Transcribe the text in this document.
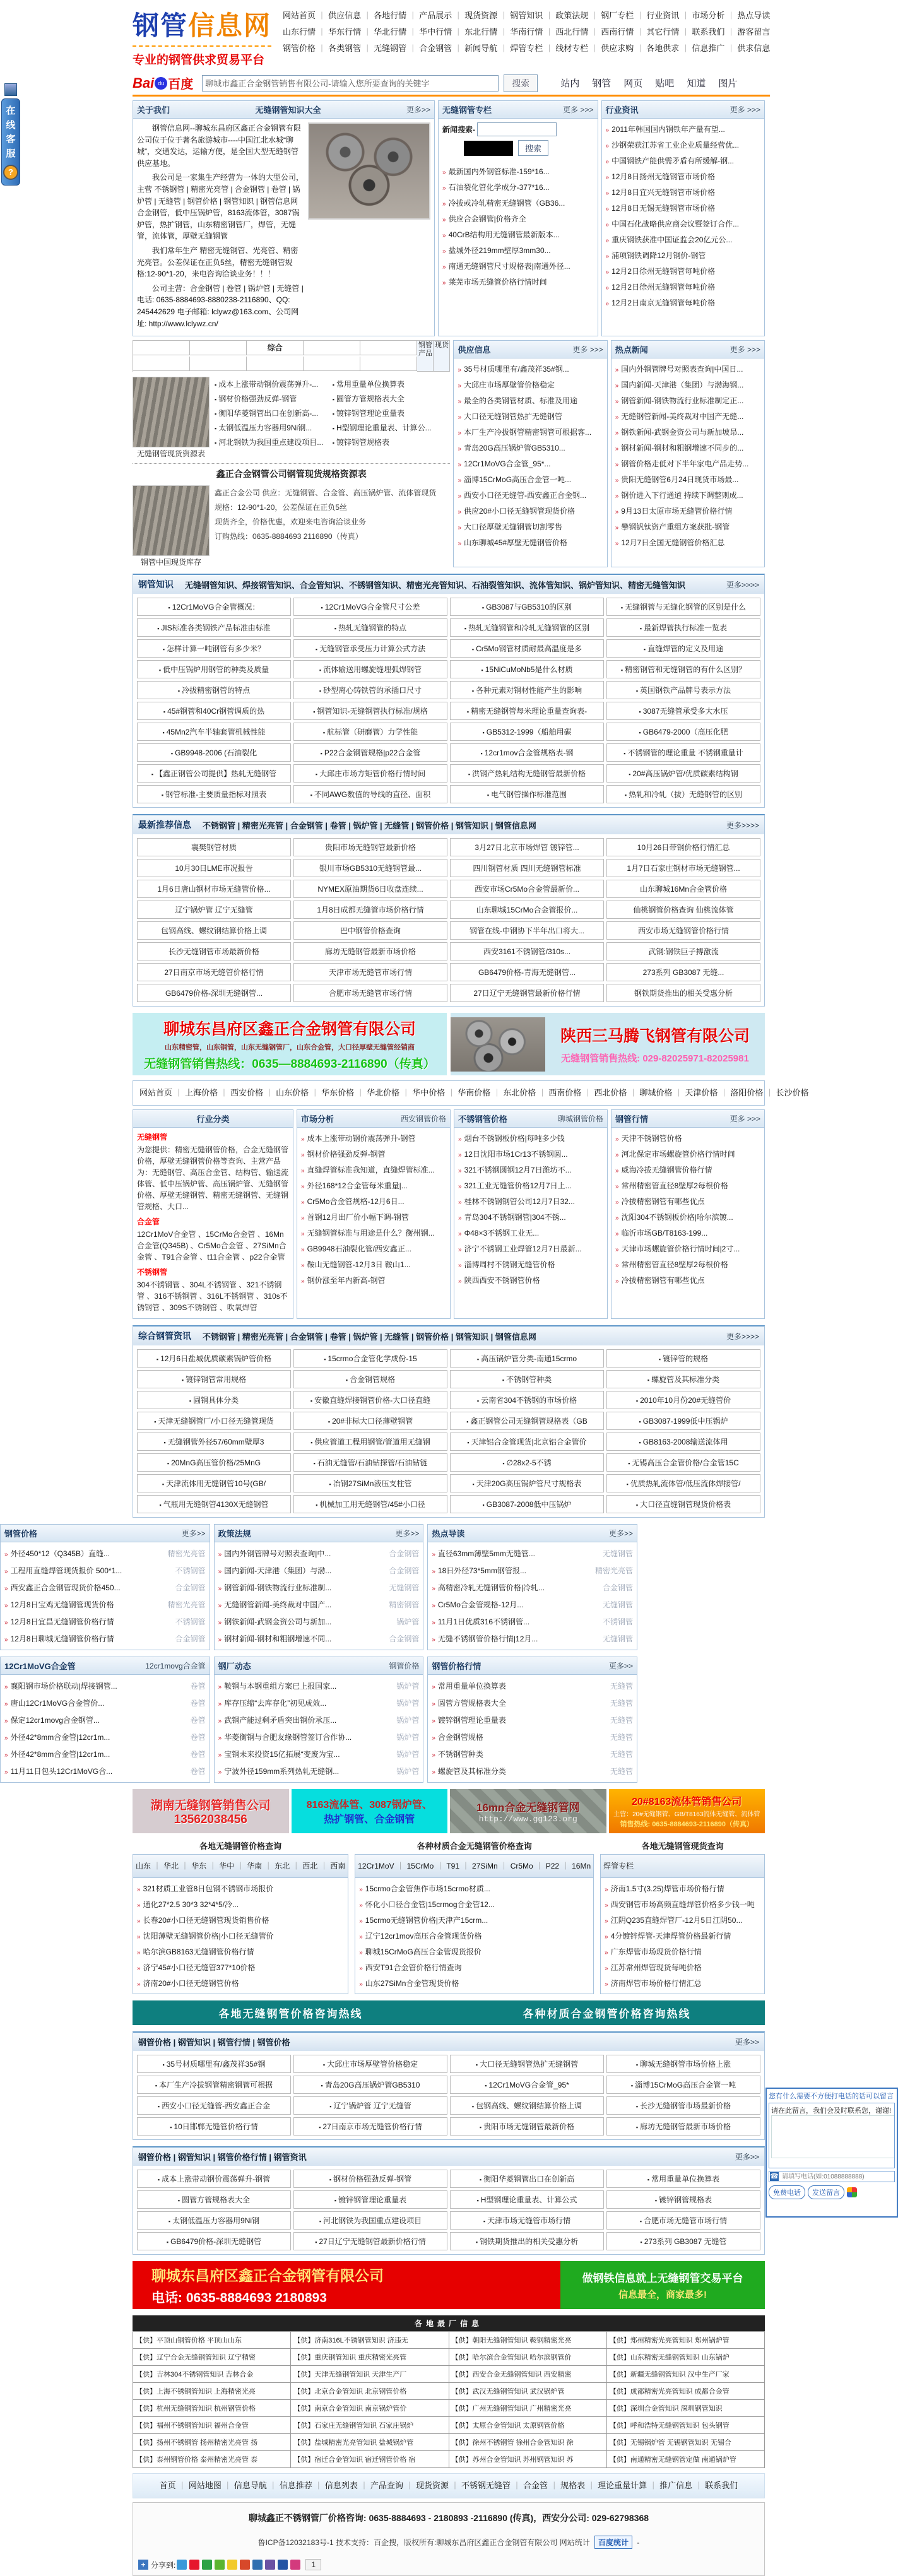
在线客服
?
您有什么需要不方便打电话的话可以留言
请在此留言，我们会及时联系您，谢谢!
☎
请填写电话(如:01088888888)
免费电话	发送留言
钢管信息网
专业的钢管供求贸易平台
网站首页 ｜ 供应信息 ｜ 各地行情 ｜ 产品展示 ｜ 现货资源 ｜ 钢管知识 ｜ 政策法规 ｜ 钢厂专栏 ｜ 行业资讯 ｜ 市场分析 ｜ 热点导读
山东行情 ｜ 华东行情 ｜ 华北行情 ｜ 华中行情 ｜ 东北行情 ｜ 华南行情 ｜ 西北行情 ｜ 西南行情 ｜ 其它行情 ｜ 联系我们 ｜ 游客留言
钢管价格 ｜ 各类钢管 ｜ 无缝钢管 ｜ 合金钢管 ｜ 新闻导航 ｜ 焊管专栏 ｜ 线材专栏 ｜ 供应求购 ｜ 各地供求 ｜ 信息推广 ｜ 供求信息
Bai du 百度
聊城市鑫正合金钢管销售有限公司-请输入您所要查询的关键字	搜索	站内	钢管	网页	贴吧	知道	图片
关于我们	无缝钢管知识大全	更多>>

钢管信息网--聊城东昌府区鑫正合金钢管有限公司位于位于著名旅游城市----中国江北水城“聊城”，交通发达，运输方便，是全国大型无缝钢管供应基地。

我公司是一家集生产经营为一体的大型公司，主营 不锈钢管 | 精密光亮管 | 合金钢管 | 卷管 | 锅炉管 | 无缝管 | 钢管价格 | 钢管知识 | 钢管信息网合金钢管，低中压锅炉管，8163流体管，3087锅炉管，热扩钢管，山东精密钢管厂，焊管，无缝管，流体管，厚壁无缝钢管

我们常年生产 精密无缝钢管、光亮管、精密光亮管。公差保证在正负5丝，精密无缝钢管规格:12-90*1-20，来电咨询洽谈业务！！！

公司主营：合金钢管 | 卷管 | 锅炉管 | 无缝管 | 电话: 0635-8884693-8880238-2116890、QQ: 245442629 电子邮箱: lclywz@163.com、公司网址: http://www.lclywz.cn/

无缝钢管专栏	更多 >>>
新闻搜索-
搜索
» 最新国内外钢管标准-159*16...
» 石油裂化管化学成分-377*16...
» 冷拔或冷轧精密无缝钢管（GB36...
» 供应合金钢管|价格齐全
» 40CrB结构用无缝钢管最新版本...
» 盐城外径219mm壁厚3mm30...
» 南通无缝钢管尺寸规格表|南通外径...
» 莱芜市场无缝管价格行情时间
行业资讯	更多 >>>
» 2011年韩国国内钢铁年产量有望...
» 沙钢荣获江苏省工业企业质量经营优...
» 中国钢铁产能供需矛盾有所缓解-钢...
» 12月8日扬州无缝钢管市场价格
» 12月8日宜兴无缝钢管市场价格
» 12月8日无锡无缝钢管市场价格
» 中国石化战略供应商会议暨签订合作...
» 重庆钢铁获准中国证监会20亿元公...
» 浦项钢铁调降12月钢价-钢管
» 12月2日徐州无缝钢管每吨价格
» 12月2日徐州无缝钢管每吨价格
» 12月2日南京无缝钢管每吨价格
综合	钢管产品
现货
无缝钢管现货资源表
▪ 成本上涨带动钢价震荡弹升-...
▪ 钢材价格强劲反弹-钢管
▪ 衡阳华菱钢管出口在创新高-...
▪ 太钢低温压力容器用9Ni钢...
▪ 河北钢铁为我国重点建设项目...
▪ 常用重量单位换算表
▪ 圆管方管规格表大全
▪ 镀锌钢管理论重量表
▪ H型钢理论重量表、计算公...
▪ 镀锌钢管规格表
鑫正合金钢管公司钢管现货规格资源表
钢管中国现货库存
鑫正合金公司 供应：无缝钢管、合金管、高压锅炉管、流体管现货
规格：12-90*1-20，公差保证在正负5丝
现货齐全，价格优惠，欢迎来电咨询洽谈业务
订购热线：0635-8884693 2116890（传真）
供应信息	更多 >>>
» 35号材质哪里有/鑫茂祥35#钢...
» 大邱庄市场厚壁管价格稳定
» 最全的各类钢管材质、标准及用途
» 大口径无缝钢管热扩无缝钢管
» 本厂生产冷拔钢管精密钢管可根据客...
» 青岛20G高压锅炉管GB5310...
» 12Cr1MoVG合金管_95*...
» 淄博15CrMoG高压合金管一吨...
» 西安小口径无缝管-西安鑫正合金钢...
» 供应20#小口径无缝钢管现货价格
» 大口径厚壁无缝钢管切割零售
» 山东聊城45#厚壁无缝钢管价格
热点新闻	更多 >>>
» 国内外钢管牌号对照表查询|中国日...
» 国内新闻-天津港（集团）与渤海钢...
» 钢管新闻-钢铁物流行业标准制定正...
» 无缝钢管新闻-美终裁对中国产无缝...
» 钢铁新闻-武钢金资公司与新加坡昂...
» 钢材新闻-钢材和粗钢增速不同步的...
» 钢管价格走低对下半年家电产品走势...
» 贵阳无缝钢管6月24日现货市场最...
» 钢价进入下行通道 持续下调整则成...
» 9月13日太原市场无缝管价格行情
» 攀钢钒钛资产重组方案获批-钢管
» 12月7日全国无缝钢管价格汇总
钢管知识 无缝钢管知识、焊接钢管知识、合金管知识、不锈钢管知识、精密光亮管知识、石油裂管知识、流体管知识、锅炉管知识、精密无缝管知识	更多>>>>
▪ 12Cr1MoVG合金管概况：	▪ 12Cr1MoVG合金管尺寸公差	▪ GB3087与GB5310的区别	▪ 无缝钢管与无缝化钢管的区别是什么
▪ JIS标准各类钢铁产品标准由标准	▪ 热轧无缝钢管的特点	▪ 热轧无缝钢管和冷轧无缝钢管的区别	▪ 最新焊管执行标准一览表
▪ 怎样计算一吨钢管有多少米？	▪ 无缝钢管承受压力计算公式方法	▪ Cr5Mo钢管材质耐最高温度是多	▪ 直缝焊管的定义及用途
▪ 低中压锅炉用钢管的种类及质量	▪ 流体输送用螺旋缝埋弧焊钢管	▪ 15NiCuMoNb5是什么材质	▪ 精密钢管和无缝钢管的有什么区别？
▪ 冷拔精密钢管的特点	▪ 砂型离心铸铁管的承插口尺寸	▪ 各种元素对钢材性能产生的影响	▪ 英国钢铁产品牌号表示方法
▪ 45#钢管和40Cr钢管调质的热	▪ 钢管知识-无缝钢管执行标准/规格	▪ 精密无缝钢管每米理论重量查询表-	▪ 3087无缝管承受多大水压
▪ 45Mn2汽车半轴套管机械性能	▪ 航标管（研磨管）力学性能	▪ GB5312-1999（船舶用碳	▪ GB6479-2000（高压化肥
▪ GB9948-2006 (石油裂化	▪ P22合金钢管规格|p22合金管	▪ 12cr1mov合金管规格表-钢	▪ 不锈钢管的理论重量 不锈钢重量计
▪ 【鑫正钢管公司提供】热轧无缝钢管	▪ 大邱庄市场方矩管价格行情时间	▪ 洪钢产热轧结构无缝钢管最新价格	▪ 20#高压锅炉管/优质碳素结构钢
▪ 钢管标准-主要质量指标对照表	▪ 不同AWG数值的导线的直径、面积	▪ 电气钢管操作标准范围	▪ 热轧和冷轧（拔）无缝钢管的区别
最新推荐信息 不锈钢管 | 精密光亮管 | 合金钢管 | 卷管 | 锅炉管 | 无缝管 | 钢管价格 | 钢管知识 | 钢管信息网	更多>>>>
襄樊钢管材质	贵阳市场无缝钢管最新价格	3月27日北京市场焊管 镀锌管...	10月26日带钢价格行情汇总
10月30日LME市况报告	银川市场GB5310无缝钢管最...	四川钢管材质 四川无缝钢管标准	1月7日石家庄钢材市场无缝钢管...
1月6日唐山钢材市场无缝管价格...	NYMEX原油期货6日收盘连续...	西安市场Cr5Mo合金管最新价...	山东聊城16Mn合金管价格
辽宁锅炉管 辽宁无缝管	1月8日成都无缝管市场价格行情	山东聊城15CrMo合金管报价...	仙桃钢管价格查询 仙桃流体管
包钢高线、螺纹钢结算价格上调	巴中钢管价格查询	钢管在线-中钢协下半年出口将大...	西安市场无缝钢管价格行情
长沙无缝钢管市场最新价格	廊坊无缝钢管最新市场价格	西安3161不锈钢管/310s...	武钢:钢铁巨子搏激流
27日南京市场无缝管价格行情	天津市场无缝管市场行情	GB6479价格-青海无缝钢管...	273系列 GB3087 无缝...
GB6479价格-深圳无缝钢管...	合肥市场无缝管市场行情	27日辽宁无缝钢管最新价格行情	钢铁期货推出的相关受惠分析
聊城东昌府区鑫正合金钢管有限公司
山东精密管，山东钢管，山东无缝钢管厂，山东合金管，大口径厚壁无缝管经销商
无缝钢管销售热线：0635—8884693-2116890（传真）
陕西三马腾飞钢管有限公司
无缝钢管销售热线: 029-82025971-82025981
网站首页 ｜ 上海价格 ｜ 西安价格 ｜ 山东价格 ｜ 华东价格 ｜ 华北价格 ｜ 华中价格 ｜ 华南价格 ｜ 东北价格 ｜ 西南价格 ｜ 西北价格 ｜ 聊城价格 ｜ 天津价格 ｜ 洛阳价格 ｜ 长沙价格
行业分类
无缝钢管
为您提供：精密无缝钢管价格，合金无缝钢管价格，厚壁无缝钢管价格等查询、主营产品为：无缝钢管、高压合金管、结构管、输送流体管、低中压锅炉管、高压锅炉管、无缝钢管价格、厚壁无缝钢管、精密无缝钢管、无缝钢管规格、大口...
合金管
12Cr1MoV合金管 、15CrMo合金管 、16Mn合金管(Q345B) 、Cr5Mo合金管 、27SiMn合金管 、T91合金管 、t11合金管 、p22合金管
不锈钢管
304不锈钢管 、304L不锈钢管 、321不锈钢管 、316不锈钢管 、316L不锈钢管 、310s不锈钢管 、309S不锈钢管 、吹氧焊管
市场分析	西安钢管价格
» 成本上涨带动钢价震荡弹升-钢管
» 钢材价格强劲反弹-钢管
» 直缝焊管标准我知道，直缝焊管标准...
» 外径168*12合金管每米重量|...
» Cr5Mo合金管规格-12月6日...
» 首钢12月出厂价小幅下调-钢管
» 无缝钢管标准与用途是什么？衡州钢...
» GB9948石油裂化管/西安鑫正...
» 鞍山无缝钢管-12月3日 鞍山1...
» 钢价涨至年内新高-钢管
不锈钢管价格	聊城钢管价格
» 烟台不锈钢板价格|每吨多少钱
» 12日沈阳市场1Cr13不锈钢圆...
» 321不锈钢圆钢12月7日潍坊不...
» 321工业无缝管价格12月7日上...
» 桂林不锈钢钢管公司12月7日32...
» 青岛304不锈钢钢管|304不锈...
» Φ48×3不锈钢工业无...
» 济宁不锈钢工业焊管12月7日最新...
» 淄博周村不锈钢无缝管价格
» 陕西西安不锈钢管价格
钢管行情	更多 >>>
» 天津不锈钢管价格
» 河北保定市场螺旋管价格行情时间
» 威海冷拔无缝钢管价格行情
» 常州精密管直径8壁厚2每根价格
» 冷拔精密钢管有哪些优点
» 沈阳304不锈钢板价格|哈尔滨镀...
» 临沂市场GB/T8163-199...
» 天津市场螺旋管价格行情时间|2寸...
» 常州精密管直径8壁厚2每根价格
» 冷拔精密钢管有哪些优点
综合钢管资讯 不锈钢管 | 精密光亮管 | 合金钢管 | 卷管 | 锅炉管 | 无缝管 | 钢管价格 | 钢管知识 | 钢管信息网	更多>>>>
▪ 12月6日盐城优质碳素锅炉管价格	▪ 15crmo合金管化学成份-15	▪ 高压锅炉管分类-南通15crmo	▪ 镀锌管的规格
▪ 镀锌钢管常用规格	▪ 合金钢管规格	▪ 不锈钢管种类	▪ 螺旋管及其标准分类
▪ 圆钢具体分类	▪ 安徽直缝焊接钢管价格-大口径直缝	▪ 云南省304不锈钢的市场价格	▪ 2010年10月份20#无缝管价
▪ 天津无缝钢管厂/小口径无缝管现货	▪ 20#非标大口径薄壁钢管	▪ 鑫正钢管公司无缝钢管规格表（GB	▪ GB3087-1999低中压锅炉
▪ 无缝钢管外径57/60mm壁厚3	▪ 供应管道工程用钢管/管道用无缝钢	▪ 天津铝合金管现货|北京铝合金管价	▪ GB8163-2008输送流体用
▪ 20MnG高压管价格/25MnG	▪ 石油无缝管/石油钻探管/石油钻链	▪ ∅28x2-5不锈	▪ 无锡高压合金管价格/合金管15C
▪ 天津流体用无缝钢管10号(GB/	▪ 冶钢27SiMn液压支柱管	▪ 天津20G高压锅炉管尺寸规格表	▪ 优质热轧流体管/低压流体焊接管/
▪ 气瓶用无缝钢管4130X无缝钢管	▪ 机械加工用无缝钢管/45#小口径	▪ GB3087-2008低中压锅炉	▪ 大口径直缝钢管现货价格表
钢管价格	更多>>
» 外径450*12（Q345B）直缝...	精密光亮管
» 工程用直缝焊管现货报价 500*1...	不锈钢管
» 西安鑫正合金钢管现货价格450...	合金钢管
» 12月8日宝鸡无缝钢管现货价格	精密光亮管
» 12月8日宜昌无缝钢管价格行情	不锈钢管
» 12月8日聊城无缝钢管价格行情	合金钢管
政策法规	更多>>
» 国内外钢管牌号对照表查询|中...	合金钢管
» 国内新闻-天津港（集团）与渤...	合金钢管
» 钢管新闻-钢铁物流行业标准制...	无缝钢管
» 无缝钢管新闻-美终裁对中国产...	精密钢管
» 钢铁新闻-武钢金资公司与新加...	锅炉管
» 钢材新闻-钢材和粗钢增速不同...	合金钢管
热点导读	更多>>
» 直径63mm薄壁5mm无缝管...	无缝钢管
» 18日外径73*5mm钢管报...	精密光亮管
» 高精密冷轧无缝钢管价格|冷轧...	合金钢管
» Cr5Mo合金管规格-12月...	无缝钢管
» 11月1日优质316不锈钢管...	不锈钢管
» 无缝不锈钢管价格行情|12月...	无缝钢管
12Cr1MoVG合金管	12cr1movg合金管
» 襄阳钢市场价格联动|焊接钢管...	卷管
» 唐山12Cr1MoVG合金管价...	卷管
» 保定12cr1movg合金钢管...	卷管
» 外径42*8mm合金管|12cr1m...	卷管
» 外径42*8mm合金管|12cr1m...	卷管
» 11月11日包头12Cr1MoVG合...	卷管
钢厂动态	钢管价格
» 鞍钢与本钢重组方案已上报国家...	锅炉管
» 库存压缩“去库存化”初见成效...	锅炉管
» 武钢产能过剩矛盾突出钢价承压...	锅炉管
» 华菱衡钢与合肥友缘钢管签订合作协...	锅炉管
» 宝钢未来投资15亿拓展“变废为宝...	锅炉管
» 宁波外径159mm系列热轧无缝钢...	锅炉管
钢管价格行情	更多>>
» 常用重量单位换算表	无缝管
» 圆管方管规格表大全	无缝管
» 镀锌钢管理论重量表	无缝管
» 合金钢管规格	无缝管
» 不锈钢管种类	无缝管
» 螺旋管及其标准分类	无缝管
湖南无缝钢管销售公司
13562038456
8163流体管、3087锅炉管、
热扩钢管、合金钢管
16mn合金无缝钢管网
http://www.gg123.org
20#8163流体管销售公司
主营：20#无缝钢管、GB/T8163流体无缝管、流体管
销售热线: 0635-8884693-2116890（传真）
各地无缝钢管价格查询
山东 ｜ 华北 ｜ 华东 ｜ 华中 ｜ 华南 ｜ 东北 ｜ 西北 ｜ 西南
» 321材质工业管8日包钢不锈钢市场报价
» 通化27*2.5 30*3 32*4*5/冷...
» 长春20#小口径无缝钢管现货销售价格
» 沈阳薄壁无缝钢管价格|小口径无缝管价
» 哈尔滨GB8163无缝钢管价格行情
» 济宁45#小口径无缝管377*10价格
» 济南20#小口径无缝钢管价格
各种材质合金无缝钢管价格查询
12Cr1MoV ｜ 15CrMo ｜ T91 ｜ 27SiMn ｜ Cr5Mo ｜ P22 ｜ 16Mn
» 15crmo合金管焦作市场15crmo材质...
» 怀化小口径合金管|15crmog合金管12...
» 15crmo无缝钢管价格|天津产15crm...
» 辽宁12cr1mov高压合金管现货价格
» 聊城15CrMoG高压合金管现货报价
» 西安T91合金管价格行情查询
» 山东27SiMn合金管现货价格
各地无缝钢管现货查询
焊管专栏
» 济南1.5寸(3.25)焊管市场价格行情
» 西安钢管市场高频直缝焊管价格多少钱一吨
» 江阴Q235直缝焊管厂-12月5日江阴50...
» 4分镀锌焊管-天津焊管价格最新行情
» 广东焊管市场现货价格行情
» 江苏常州焊管现货每吨价格
» 济南焊管市场价格行情汇总
各地无缝钢管价格咨询热线	各种材质合金钢管价格咨询热线
钢管价格 | 钢管知识 | 钢管行情 | 钢管价格	更多>>
▪ 35号材质哪里有/鑫茂祥35#钢	▪ 大邱庄市场厚壁管价格稳定	▪ 大口径无缝钢管热扩无缝钢管	▪ 聊城无缝钢管市场价格上涨
▪ 本厂生产冷拔钢管精密钢管可根据	▪ 青岛20G高压锅炉管GB5310	▪ 12Cr1MoVG合金管_95*	▪ 淄博15CrMoG高压合金管一吨
▪ 西安小口径无缝管-西安鑫正合金	▪ 辽宁锅炉管 辽宁无缝管	▪ 包钢高线、螺纹钢结算价格上调	▪ 长沙无缝钢管市场最新价格
▪ 10日邯郸无缝管价格行情	▪ 27日南京市场无缝管价格行情	▪ 贵阳市场无缝钢管最新价格	▪ 廊坊无缝钢管最新市场价格
钢管价格 | 钢管知识 | 钢管价格行情 | 钢管资讯	更多>>
▪ 成本上涨带动钢价震荡弹升-钢管	▪ 钢材价格强劲反弹-钢管	▪ 衡阳华菱钢管出口在创新高	▪ 常用重量单位换算表
▪ 圆管方管规格表大全	▪ 镀锌钢管理论重量表	▪ H型钢理论重量表、计算公式	▪ 镀锌钢管规格表
▪ 太钢低温压力容器用9Ni钢	▪ 河北钢铁为我国重点建设项目	▪ 天津市场无缝管市场行情	▪ 合肥市场无缝管市场行情
▪ GB6479价格-深圳无缝钢管	▪ 27日辽宁无缝钢管最新价格行情	▪ 钢铁期货推出的相关受惠分析	▪ 273系列 GB3087 无缝管
聊城东昌府区鑫正合金钢管有限公司
电话: 0635-8884693 2180893
做钢铁信息就上无缝钢管交易平台
信息最全，商家最多!
各地最厂信息
【供】平顶山钢管价格 平顶山山东	【供】济南316L不锈钢管知识 济违无	【供】朝阳无缝钢管知识 鞍钢精密光亮	【供】郑州精密光亮管知识 郑州锅炉管
【供】辽宁合金无缝钢管知识 辽宁精密	【供】重庆钢管知识 重庆精密光亮管	【供】哈尔滨合金管知识 哈尔滨钢管价	【供】山东精密无缝钢管知识 山东锅炉
【供】吉林304不锈钢管知识 吉林合金	【供】天津无缝钢管知识 天津生产厂	【供】西安合金无缝钢管知识 西安精密	【供】新疆无缝钢管知识 汉中生产厂家
【供】上海不锈钢管知识 上海精密光亮	【供】北京合金管知识 北京钢管价格	【供】武汉无缝钢管知识 武汉锅炉管	【供】成都精密光亮管知识 成都合金管
【供】杭州无缝钢管知识 杭州钢管价格	【供】南京合金管知识 南京锅炉管价	【供】广州无缝钢管知识 广州精密光亮	【供】深圳合金管知识 深圳钢管知识
【供】福州不锈钢管知识 福州合金管	【供】石家庄无缝钢管知识 石家庄锅炉	【供】太原合金管知识 太原钢管价格	【供】呼和浩特无缝钢管知识 包头钢管
【供】扬州不锈钢管 扬州精密光亮管 扬	【供】盐城精密光亮管知识 盐城锅炉管	【供】徐州不锈钢管 徐州合金管知识 徐	【供】无锡锅炉管 无锡钢管知识 无锡合
【供】泰州钢管价格 泰州精密光亮管 泰	【供】宿迁合金管知识 宿迁钢管价格 宿	【供】苏州合金管知识 苏州钢管知识 苏	【供】南通精密无缝钢管定做 南通锅炉管
首页 ｜ 网站地图 ｜ 信息导航 ｜ 信息推荐 ｜ 信息列表 ｜ 产品查询 ｜ 现货资源 ｜ 不锈钢无缝管 ｜ 合金管 ｜ 规格表 ｜ 理论重量计算 ｜ 推广信息 ｜ 联系我们
聊城鑫正不锈钢管厂价格咨询: 0635-8884693 - 2180893 -2116890 (传真)，西安分公司: 029-62798368
鲁ICP备12032183号-1 技术支持：百企搜，版权所有:聊城东昌府区鑫正合金钢管有限公司 网站统计 百度统计 -
+ 分享到:	1
